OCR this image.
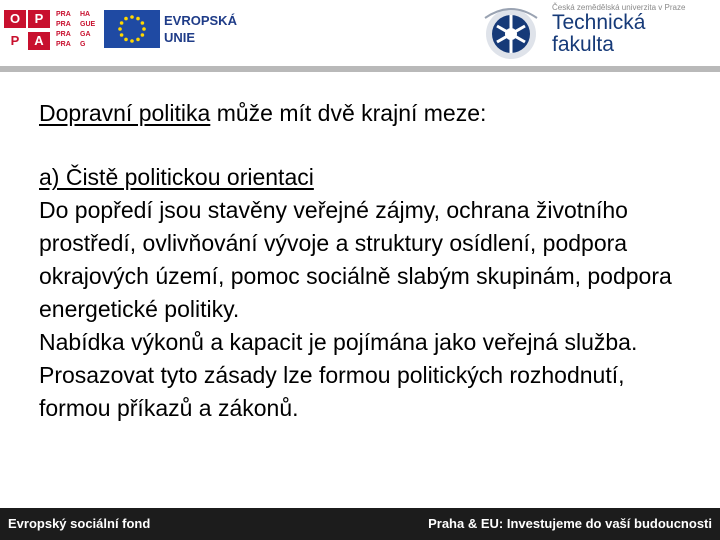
O	P
P	A
PRA HA
PRA GUE
PRA GA
PRA G
EVROPSKÁ
UNIE
Česká zemědělská univerzita v Praze
Technická
fakulta

Dopravní politika může mít dvě krajní meze:

a) Čistě politickou orientaci

Do popředí jsou stavěny veřejné zájmy, ochrana životního prostředí, ovlivňování vývoje a struktury osídlení, podpora okrajových území, pomoc sociálně slabým skupinám, podpora energetické politiky.

Nabídka výkonů a kapacit je pojímána jako veřejná služba.

Prosazovat tyto zásady lze formou politických rozhodnutí, formou příkazů a zákonů.

Evropský sociální fond	Praha & EU: Investujeme do vaší budoucnosti
